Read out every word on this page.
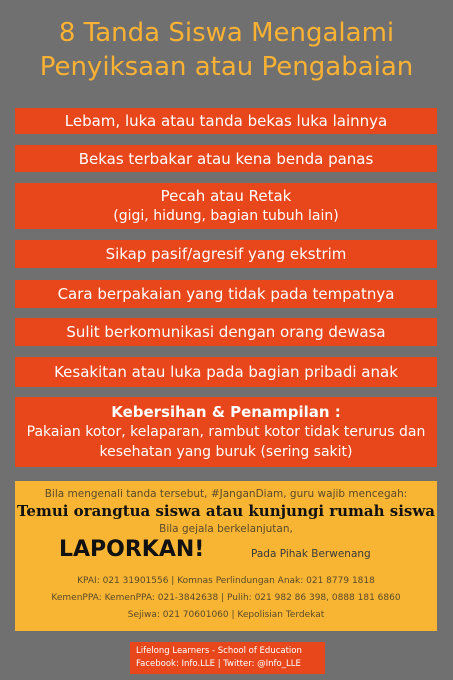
8 Tanda Siswa Mengalami
Penyiksaan atau Pengabaian
Lebam, luka atau tanda bekas luka lainnya
Bekas terbakar atau kena benda panas
Pecah atau Retak
(gigi, hidung, bagian tubuh lain)
Sikap pasif/agresif yang ekstrim
Cara berpakaian yang tidak pada tempatnya
Sulit berkomunikasi dengan orang dewasa
Kesakitan atau luka pada bagian pribadi anak
Kebersihan & Penampilan :
Pakaian kotor, kelaparan, rambut kotor tidak terurus dan
kesehatan yang buruk (sering sakit)
Bila mengenali tanda tersebut, #JanganDiam, guru wajib mencegah:
Temui orangtua siswa atau kunjungi rumah siswa
Bila gejala berkelanjutan,
LAPORKAN!	Pada Pihak Berwenang
KPAI: 021 31901556 | Komnas Perlindungan Anak: 021 8779 1818
KemenPPA: KemenPPA: 021-3842638 | Pulih: 021 982 86 398, 0888 181 6860
Sejiwa: 021 70601060 | Kepolisian Terdekat
Lifelong Learners - School of Education
Facebook: Info.LLE | Twitter: @Info_LLE
